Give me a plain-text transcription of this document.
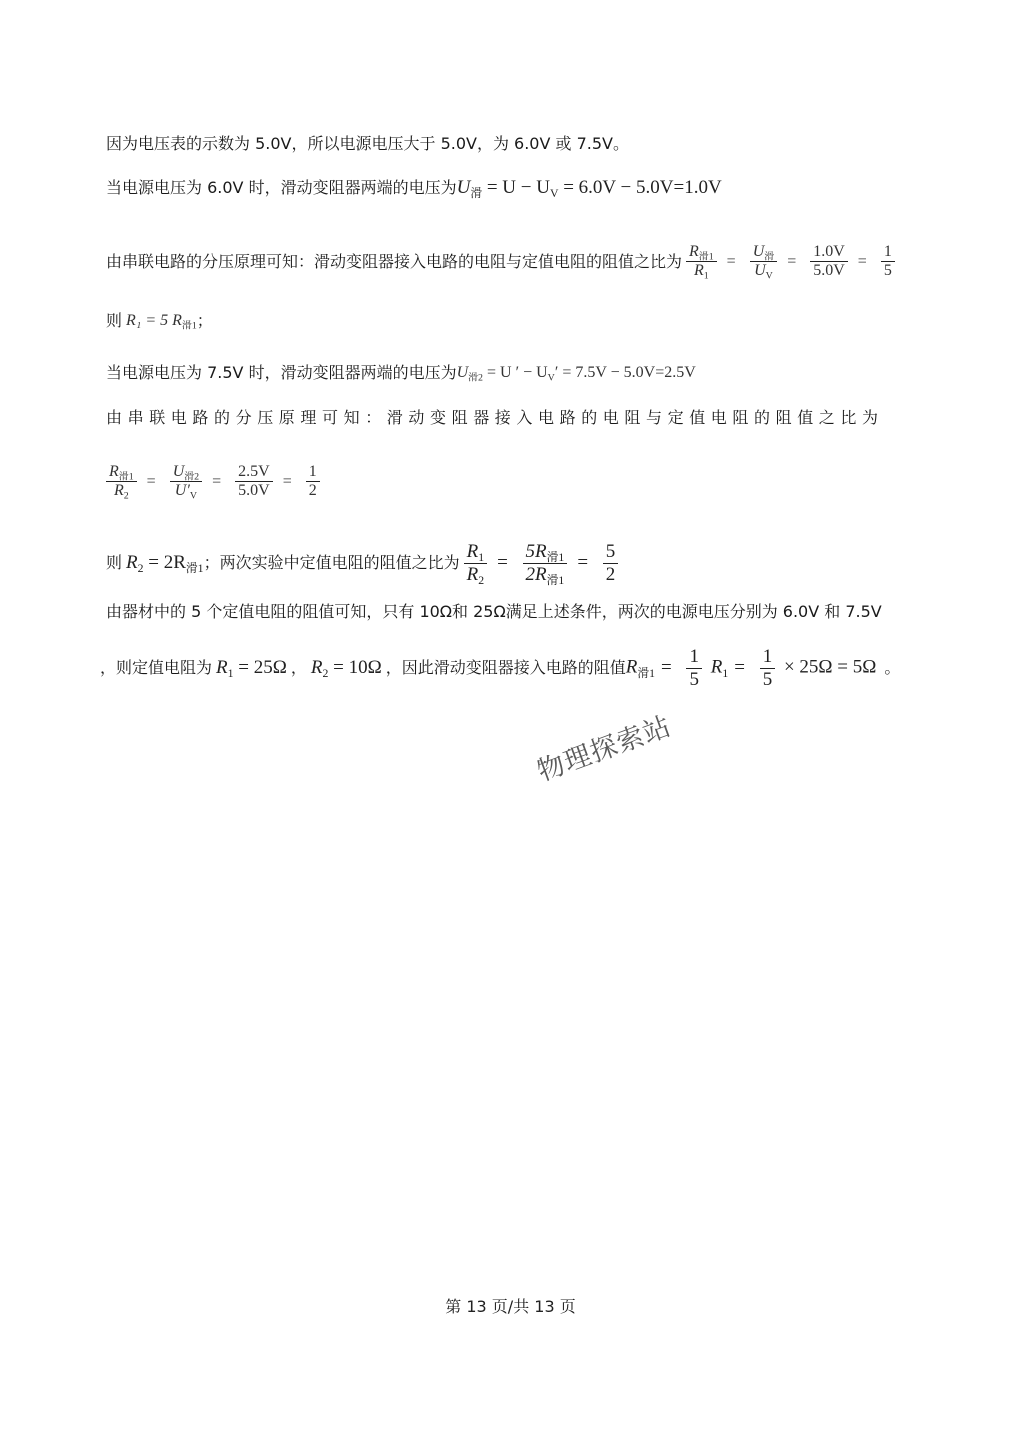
因为电压表的示数为 5.0V，所以电源电压大于 5.0V，为 6.0V 或 7.5V。
当电源电压为 6.0V 时，滑动变阻器两端的电压为 $U_滑 = U - U_V = 6.0V - 5.0V=1.0V$
由串联电路的分压原理可知：滑动变阻器接入电路的电阻与定值电阻的阻值之比为 $\frac{R_{滑1}}{R_1} = \frac{U_滑}{U_V} = \frac{1.0V}{5.0V} = \frac{1}{5}$
则 R₁ = 5 $R_{滑1}$ ；
当电源电压为 7.5V 时，滑动变阻器两端的电压为 $U_{滑2} = U$ ′ − $U_V' = 7.5V - 5.0V=2.5V$
由串联电路的分压原理可知：滑动变阻器接入电路的电阻与定值电阻的阻值之比为
$\frac{R_{滑1}}{R_2} = \frac{U_{滑2}}{U'_V} = \frac{2.5V}{5.0V} = \frac{1}{2}$
则 $R_2 = 2R_{滑1}$ ；两次实验中定值电阻的阻值之比为 $\frac{R_1}{R_2} = \frac{5R_{滑1}}{2R_{滑1}} = \frac{5}{2}$
由器材中的 5 个定值电阻的阻值可知，只有 10Ω和 25Ω满足上述条件，两次的电源电压分别为 6.0V 和 7.5V
，则定值电阻为 $R_1 = 25\Omega$ ， $R_2 = 10\Omega$ ，因此滑动变阻器接入电路的阻值 $R_{滑1} = \frac{1}{5} R_1 = \frac{1}{5} \times 25\Omega = 5\Omega$ 。
物理探索站
第 13 页/共 13 页
